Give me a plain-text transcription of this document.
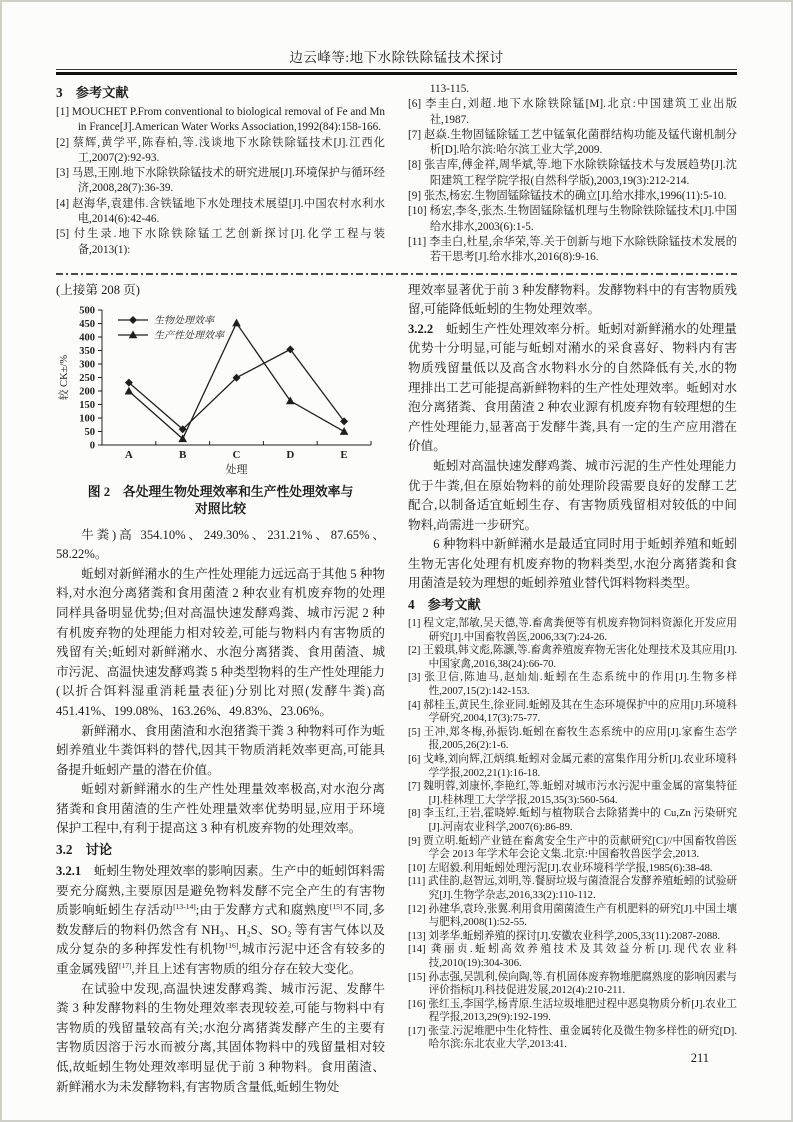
边云峰等:地下水除铁除锰技术探讨
3　参考文献
[1] MOUCHET P.From conventional to biological removal of Fe and Mn in France[J].American Water Works Association,1992(84):158-166.
[2] 蔡辉,黄学平,陈春柏,等.浅谈地下水除铁除锰技术[J].江西化工,2007(2):92-93.
[3] 马恩,王刚.地下水除铁除锰技术的研究进展[J].环境保护与循环经济,2008,28(7):36-39.
[4] 赵海华,袁建伟.含铁锰地下水处理技术展望[J].中国农村水利水电,2014(6):42-46.
[5] 付生录.地下水除铁除锰工艺创新探讨[J].化学工程与装备,2013(1):
113-115.
[6] 李圭白,刘超.地下水除铁除锰[M].北京:中国建筑工业出版社,1987.
[7] 赵焱.生物固锰除锰工艺中锰氧化菌群结构功能及锰代谢机制分析[D].哈尔滨:哈尔滨工业大学,2009.
[8] 张吉库,傅金祥,周华斌,等.地下水除铁除锰技术与发展趋势[J].沈阳建筑工程学院学报(自然科学版),2003,19(3):212-214.
[9] 张杰,杨宏.生物固锰除锰技术的确立[J].给水排水,1996(11):5-10.
[10] 杨宏,李冬,张杰.生物固锰除锰机理与生物除铁除锰技术[J].中国给水排水,2003(6):1-5.
[11] 李圭白,杜星,余华荣,等.关于创新与地下水除铁除锰技术发展的若干思考[J].给水排水,2016(8):9-16.
(上接第 208 页)
0
50
100
150
200
250
300
350
400
450
500
A	B	C	D	E
处理
较 CK±/%
生物处理效率
生产性处理效率
图 2　各处理生物处理效率和生产性处理效率与
对照比较

牛粪)高 354.10%、249.30%、231.21%、87.65%、58.22%。

蚯蚓对新鲜潲水的生产性处理能力远远高于其他 5 种物料,对水泡分离猪粪和食用菌渣 2 种农业有机废弃物的处理同样具备明显优势;但对高温快速发酵鸡粪、城市污泥 2 种有机废弃物的处理能力相对较差,可能与物料内有害物质的残留有关;蚯蚓对新鲜潲水、水泡分离猪粪、食用菌渣、城市污泥、高温快速发酵鸡粪 5 种类型物料的生产性处理能力(以折合饵料湿重消耗量表征)分别比对照(发酵牛粪)高 451.41%、199.08%、163.26%、49.83%、23.06%。

新鲜潲水、食用菌渣和水泡猪粪干粪 3 种物料可作为蚯蚓养殖业牛粪饵料的替代,因其干物质消耗效率更高,可能具备提升蚯蚓产量的潜在价值。

蚯蚓对新鲜潲水的生产性处理量效率极高,对水泡分离猪粪和食用菌渣的生产性处理量效率优势明显,应用于环境保护工程中,有利于提高这 3 种有机废弃物的处理效率。

3.2　讨论

3.2.1　蚯蚓生物处理效率的影响因素。生产中的蚯蚓饵料需要充分腐熟,主要原因是避免物料发酵不完全产生的有害物质影响蚯蚓生存活动[13-14];由于发酵方式和腐熟度[15]不同,多数发酵后的物料仍然含有 NH₃、H₂S、SO₂ 等有害气体以及成分复杂的多种挥发性有机物[16],城市污泥中还含有较多的重金属残留[17],并且上述有害物质的组分存在较大变化。

在试验中发现,高温快速发酵鸡粪、城市污泥、发酵牛粪 3 种发酵物料的生物处理效率表现较差,可能与物料中有害物质的残留量较高有关;水泡分离猪粪发酵产生的主要有害物质因溶于污水而被分离,其固体物料中的残留量相对较低,故蚯蚓生物处理效率明显优于前 3 种物料。食用菌渣、新鲜潲水为未发酵物料,有害物质含量低,蚯蚓生物处

理效率显著优于前 3 种发酵物料。发酵物料中的有害物质残留,可能降低蚯蚓的生物处理效率。

3.2.2　蚯蚓生产性处理效率分析。蚯蚓对新鲜潲水的处理量优势十分明显,可能与蚯蚓对潲水的采食喜好、物料内有害物质残留量低以及高含水物料水分的自然降低有关,水的物理排出工艺可能提高新鲜物料的生产性处理效率。蚯蚓对水泡分离猪粪、食用菌渣 2 种农业源有机废弃物有较理想的生产性处理能力,显著高于发酵牛粪,具有一定的生产应用潜在价值。

蚯蚓对高温快速发酵鸡粪、城市污泥的生产性处理能力优于牛粪,但在原始物料的前处理阶段需要良好的发酵工艺配合,以制备适宜蚯蚓生存、有害物质残留相对较低的中间物料,尚需进一步研究。

6 种物料中新鲜潲水是最适宜同时用于蚯蚓养殖和蚯蚓生物无害化处理有机废弃物的物料类型,水泡分离猪粪和食用菌渣是较为理想的蚯蚓养殖业替代饵料物料类型。

4　参考文献
[1] 程文定,郜敏,吴天德,等.畜禽粪便等有机废弃物饲料资源化开发应用研究[J].中国畜牧兽医,2006,33(7):24-26.
[2] 王毅琪,韩文彪,陈灏,等.畜禽养殖废弃物无害化处理技术及其应用[J].中国家禽,2016,38(24):66-70.
[3] 张卫信,陈迪马,赵灿灿.蚯蚓在生态系统中的作用[J].生物多样性,2007,15(2):142-153.
[4] 郝桂玉,黄民生,徐亚同.蚯蚓及其在生态环境保护中的应用[J].环境科学研究,2004,17(3):75-77.
[5] 王冲,郑冬梅,孙振钧.蚯蚓在畜牧生态系统中的应用[J].家畜生态学报,2005,26(2):1-6.
[6] 戈峰,刘向辉,江炳缜.蚯蚓对金属元素的富集作用分析[J].农业环境科学学报,2002,21(1):16-18.
[7] 魏明蓉,刘康怀,李艳红,等.蚯蚓对城市污水污泥中重金属的富集特征[J].桂林理工大学学报,2015,35(3):560-564.
[8] 李玉红,王岩,霍晓婷.蚯蚓与植物联合去除猪粪中的 Cu,Zn 污染研究[J].河南农业科学,2007(6):86-89.
[9] 贾立明.蚯蚓产业链在畜禽安全生产中的贡献研究[C]//中国畜牧兽医学会 2013 年学术年会论文集.北京:中国畜牧兽医学会,2013.
[10] 左昭毅.利用蚯蚓处理污泥[J].农业环境科学学报,1985(6):38-48.
[11] 武佳韵,赵智远,刘明,等.餐厨垃圾与菌渣混合发酵养殖蚯蚓的试验研究[J].生物学杂志,2016,33(2):110-112.
[12] 孙建华,袁玲,张翼.利用食用菌菌渣生产有机肥料的研究[J].中国土壤与肥料,2008(1):52-55.
[13] 刘孝华.蚯蚓养殖的探讨[J].安徽农业科学,2005,33(11):2087-2088.
[14] 龚丽贞.蚯蚓高效养殖技术及其效益分析[J].现代农业科技,2010(19):304-306.
[15] 孙志强,吴凯利,侯向陶,等.有机固体废弃物堆肥腐熟度的影响因素与评价指标[J].科技促进发展,2012(4):210-211.
[16] 张红玉,李国学,杨青原.生活垃圾堆肥过程中恶臭物质分析[J].农业工程学报,2013,29(9):192-199.
[17] 张莹.污泥堆肥中生化特性、重金属转化及微生物多样性的研究[D].哈尔滨:东北农业大学,2013:41.
211
